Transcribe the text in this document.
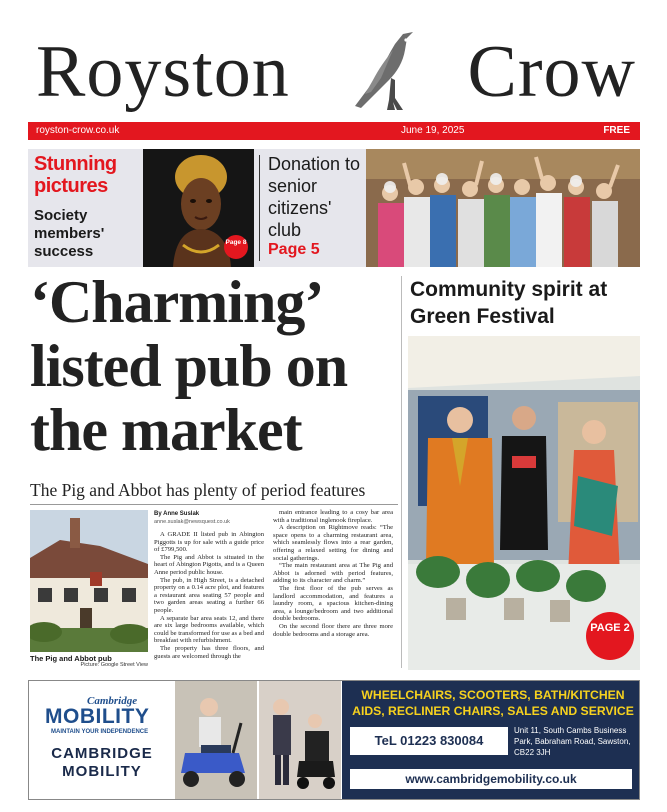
Royston Crow
royston-crow.co.uk	June 19, 2025	FREE
Stunning pictures
Society members' success
Page 8
Donation to senior citizens' club
Page 5
‘Charming’ listed pub on the market
The Pig and Abbot has plenty of period features
The Pig and Abbot pub
Picture: Google Street View
By Anne Suslak
anne.suslak@newsquest.co.uk

A GRADE II listed pub in Abington Piggotts is up for sale with a guide price of £799,500.

The Pig and Abbot is situated in the heart of Abington Pigotts, and is a Queen Anne period public house.

The pub, in High Street, is a detached property on a 0.14 acre plot, and features a restaurant area seating 57 people and two garden areas seating a further 66 people.

A separate bar area seats 12, and there are six large bedrooms available, which could be transformed for use as a bed and breakfast with refurbishment.

The property has three floors, and guests are welcomed through the

main entrance leading to a cosy bar area with a traditional inglenook fireplace.

A description on Rightmove reads: “The space opens to a charming restaurant area, which seamlessly flows into a rear garden, offering a relaxed setting for dining and social gatherings.

“The main restaurant area at The Pig and Abbot is adorned with period features, adding to its character and charm.”

The first floor of the pub serves as landlord accommodation, and features a laundry room, a spacious kitchen-dining area, a lounge/bedroom and two additional double bedrooms.

On the second floor there are three more double bedrooms and a storage area.

Community spirit at Green Festival
PAGE 2
Cambridge
MOBILITY
MAINTAIN YOUR INDEPENDENCE
CAMBRIDGE
MOBILITY
WHEELCHAIRS, SCOOTERS, BATH/KITCHEN AIDS, RECLINER CHAIRS, SALES AND SERVICE
TeL 01223 830084
Unit 11, South Cambs Business Park, Babraham Road, Sawston, CB22 3JH
www.cambridgemobility.co.uk
